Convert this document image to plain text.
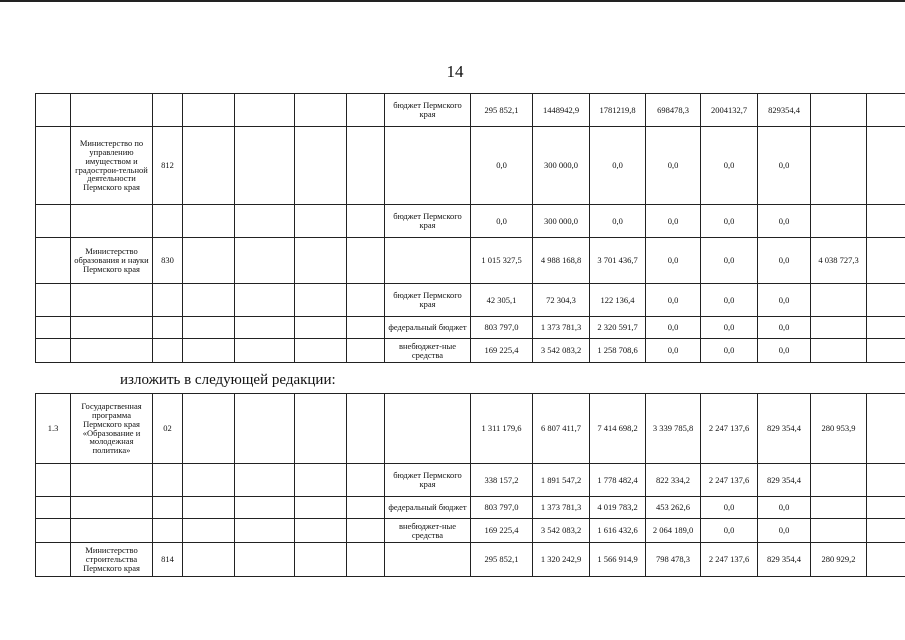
14
							бюджет Пермского края	295 852,1	1448942,9	1781219,8	698478,3	2004132,7	829354,4		
	Министерство по управлению имуществом и градострои-тельной деятельности Пермского края	812						0,0	300 000,0	0,0	0,0	0,0	0,0		
							бюджет Пермского края	0,0	300 000,0	0,0	0,0	0,0	0,0		
	Министерство образования и науки Пермского края	830						1 015 327,5	4 988 168,8	3 701 436,7	0,0	0,0	0,0	4 038 727,3	
							бюджет Пермского края	42 305,1	72 304,3	122 136,4	0,0	0,0	0,0		
							федеральный бюджет	803 797,0	1 373 781,3	2 320 591,7	0,0	0,0	0,0		
							внебюджет-ные средства	169 225,4	3 542 083,2	1 258 708,6	0,0	0,0	0,0		
изложить в следующей редакции:
1.3	Государственная программа Пермского края «Образование и молодежная политика»	02						1 311 179,6	6 807 411,7	7 414 698,2	3 339 785,8	2 247 137,6	829 354,4	280 953,9	
							бюджет Пермского края	338 157,2	1 891 547,2	1 778 482,4	822 334,2	2 247 137,6	829 354,4		
							федеральный бюджет	803 797,0	1 373 781,3	4 019 783,2	453 262,6	0,0	0,0		
							внебюджет-ные средства	169 225,4	3 542 083,2	1 616 432,6	2 064 189,0	0,0	0,0		
	Министерство строительства Пермского края	814						295 852,1	1 320 242,9	1 566 914,9	798 478,3	2 247 137,6	829 354,4	280 929,2	
